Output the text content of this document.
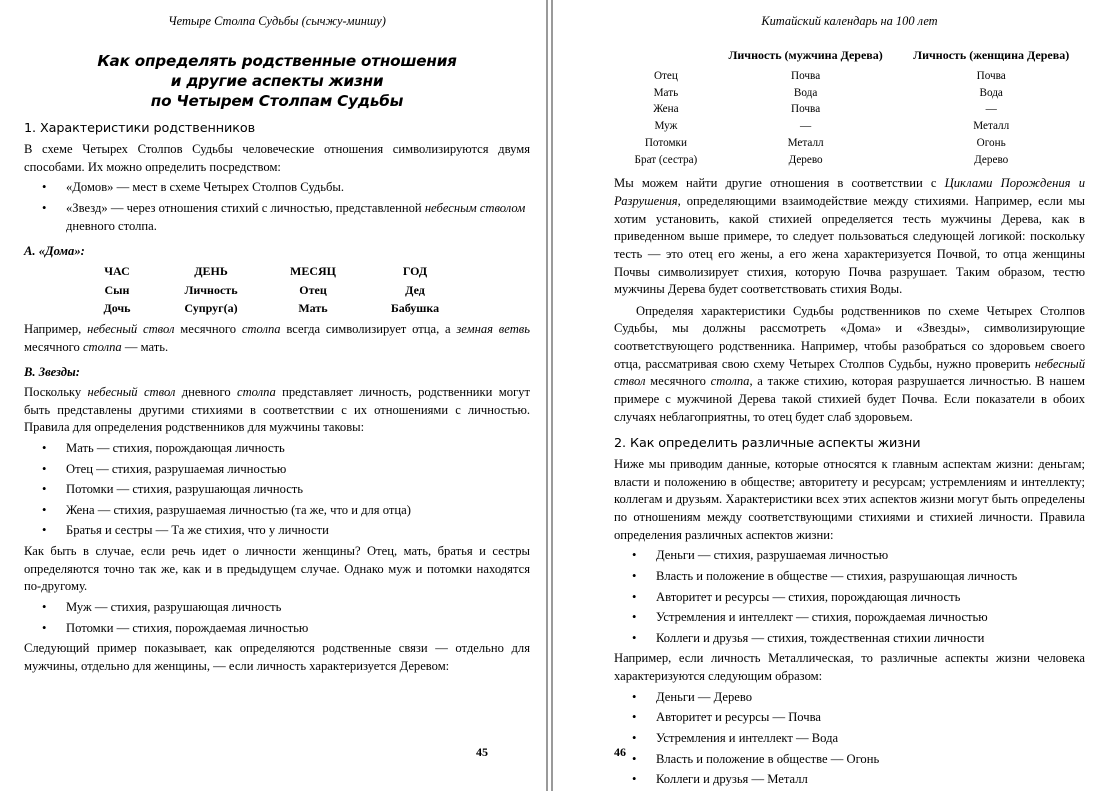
Четыре Столпа Судьбы (сычжу-миншу)
Как определять родственные отношения
и другие аспекты жизни
по Четырем Столпам Судьбы
1. Характеристики родственников

В схеме Четырех Столпов Судьбы человеческие отношения символизируются двумя способами. Их можно определить посредством:

• «Домов» — мест в схеме Четырех Столпов Судьбы.
• «Звезд» — через отношения стихий с личностью, представленной небесным стволом дневного столпа.
A. «Дома»:
ЧАС	ДЕНЬ	МЕСЯЦ	ГОД
Сын	Личность	Отец	Дед
Дочь	Супруг(а)	Мать	Бабушка

Например, небесный ствол месячного столпа всегда символизирует отца, а земная ветвь месячного столпа — мать.

B. Звезды:

Поскольку небесный ствол дневного столпа представляет личность, родственники могут быть представлены другими стихиями в соответствии с их отношениями с личностью. Правила для определения родственников для мужчины таковы:

• Мать — стихия, порождающая личность
• Отец — стихия, разрушаемая личностью
• Потомки — стихия, разрушающая личность
• Жена — стихия, разрушаемая личностью (та же, что и для отца)
• Братья и сестры — Та же стихия, что у личности

Как быть в случае, если речь идет о личности женщины? Отец, мать, братья и сестры определяются точно так же, как и в предыдущем случае. Однако муж и потомки находятся по-другому.

• Муж — стихия, разрушающая личность
• Потомки — стихия, порождаемая личностью

Следующий пример показывает, как определяются родственные связи — отдельно для мужчины, отдельно для женщины, — если личность характеризуется Деревом:

45
Китайский календарь на 100 лет
	Личность (мужчина Дерева)	Личность (женщина Дерева)
Отец	Почва	Почва
Мать	Вода	Вода
Жена	Почва	—
Муж	—	Металл
Потомки	Металл	Огонь
Брат (сестра)	Дерево	Дерево

Мы можем найти другие отношения в соответствии с Циклами Порождения и Разрушения, определяющими взаимодействие между стихиями. Например, если мы хотим установить, какой стихией определяется тесть мужчины Дерева, как в приведенном выше примере, то следует пользоваться следующей логикой: поскольку тесть — это отец его жены, а его жена характеризуется Почвой, то отца женщины Почвы символизирует стихия, которую Почва разрушает. Таким образом, тестю мужчины Дерева будет соответствовать стихия Воды.

Определяя характеристики Судьбы родственников по схеме Четырех Столпов Судьбы, мы должны рассмотреть «Дома» и «Звезды», символизирующие соответствующего родственника. Например, чтобы разобраться со здоровьем своего отца, рассматривая свою схему Четырех Столпов Судьбы, нужно проверить небесный ствол месячного столпа, а также стихию, которая разрушается личностью. В нашем примере с мужчиной Дерева такой стихией будет Почва. Если показатели в обоих случаях неблагоприятны, то отец будет слаб здоровьем.

2. Как определить различные аспекты жизни

Ниже мы приводим данные, которые относятся к главным аспектам жизни: деньгам; власти и положению в обществе; авторитету и ресурсам; устремлениям и интеллекту; коллегам и друзьям. Характеристики всех этих аспектов жизни могут быть определены по отношениям между соответствующими стихиями и стихией личности. Правила определения различных аспектов жизни:

• Деньги — стихия, разрушаемая личностью
• Власть и положение в обществе — стихия, разрушающая личность
• Авторитет и ресурсы — стихия, порождающая личность
• Устремления и интеллект — стихия, порождаемая личностью
• Коллеги и друзья — стихия, тождественная стихии личности

Например, если личность Металлическая, то различные аспекты жизни человека характеризуются следующим образом:

• Деньги — Дерево
• Авторитет и ресурсы — Почва
• Устремления и интеллект — Вода
• Власть и положение в обществе — Огонь
• Коллеги и друзья — Металл
46
